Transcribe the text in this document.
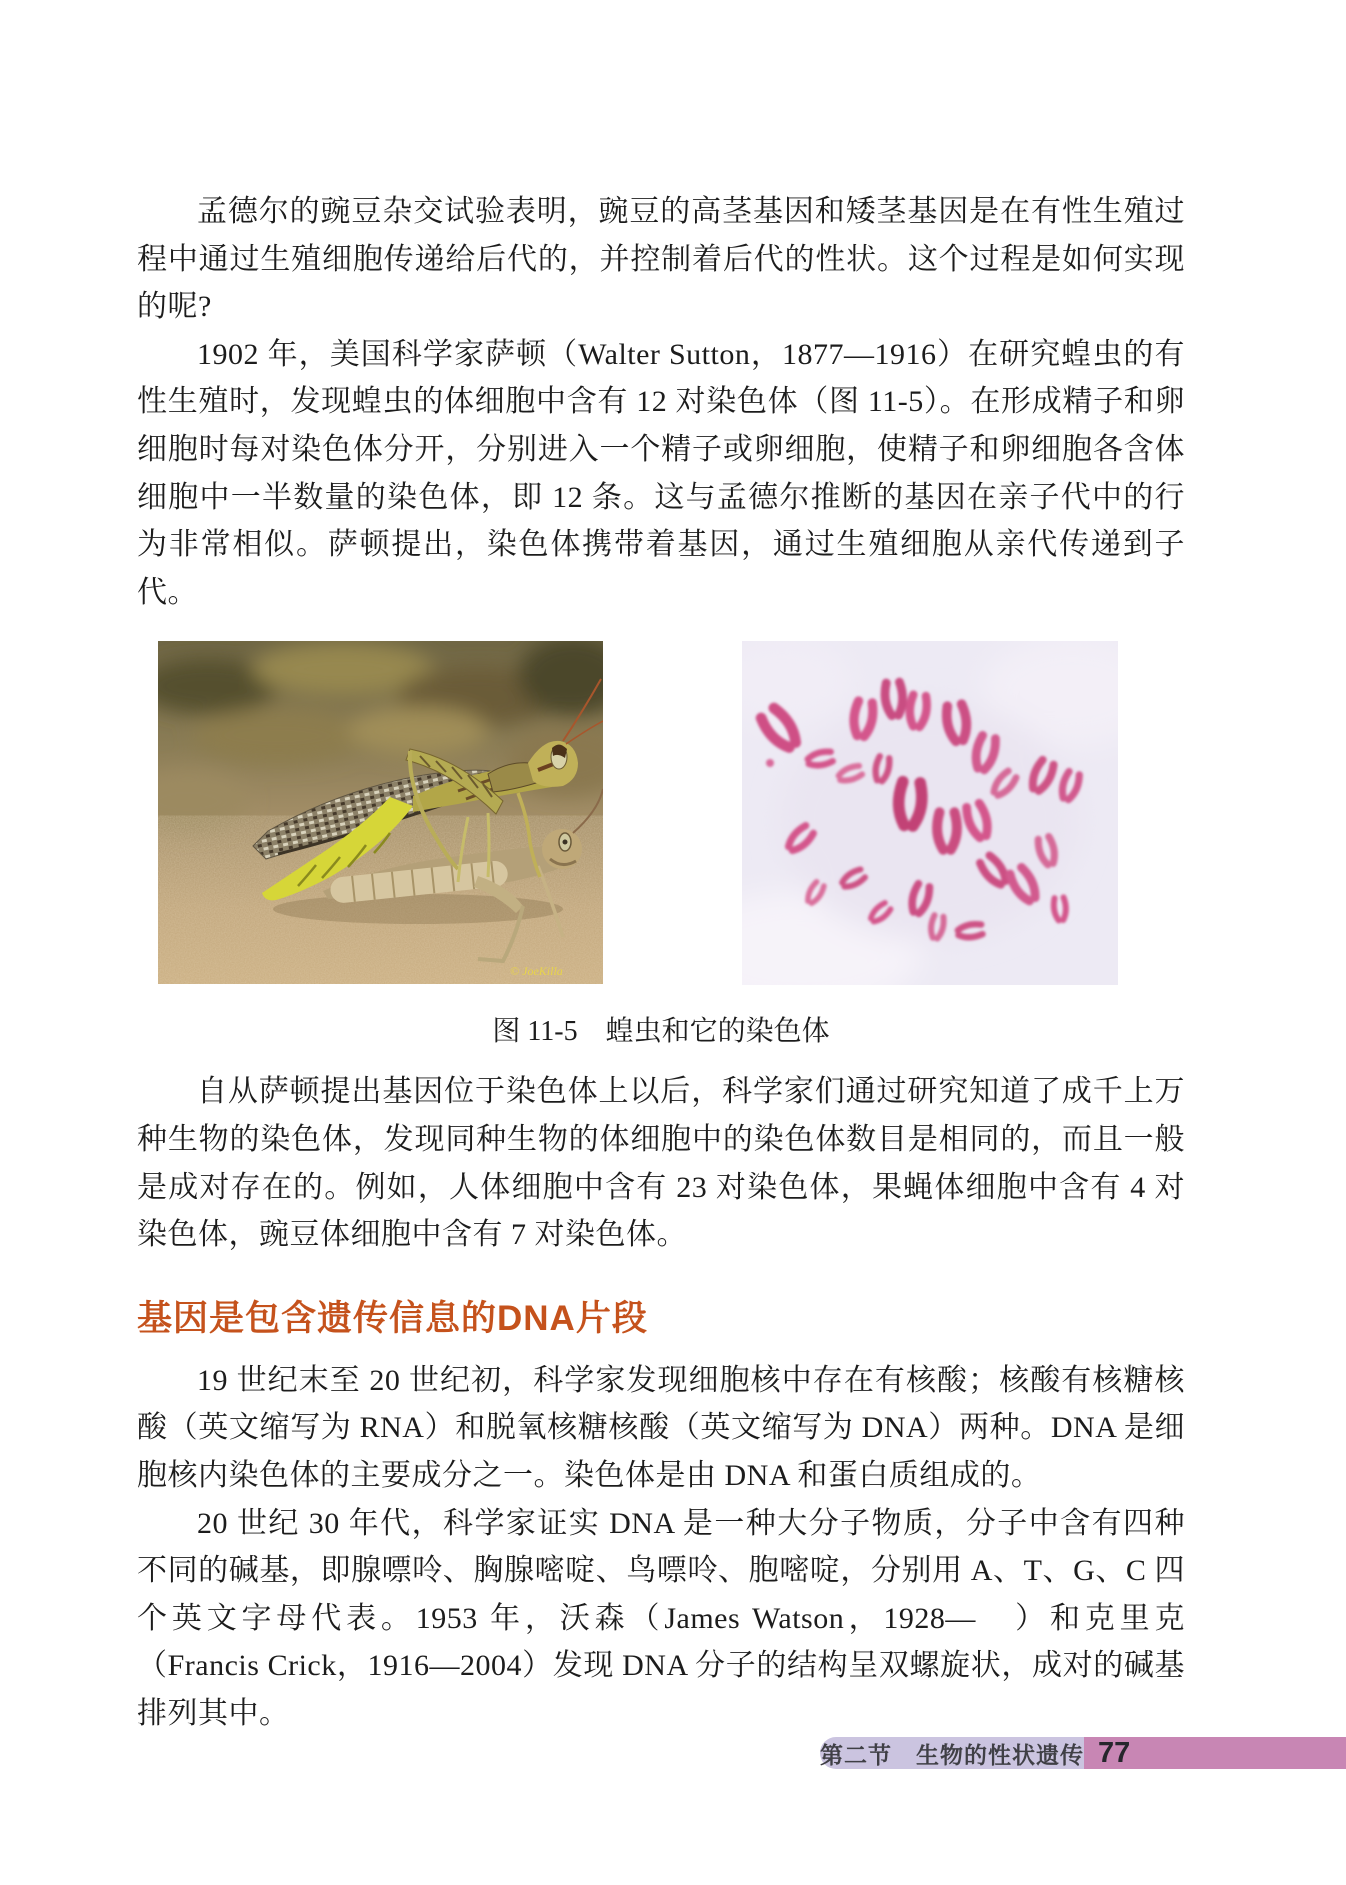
孟德尔的豌豆杂交试验表明，豌豆的高茎基因和矮茎基因是在有性生殖过程中通过生殖细胞传递给后代的，并控制着后代的性状。这个过程是如何实现的呢?

1902 年，美国科学家萨顿（Walter Sutton，1877—1916）在研究蝗虫的有性生殖时，发现蝗虫的体细胞中含有 12 对染色体（图 11-5）。在形成精子和卵细胞时每对染色体分开，分别进入一个精子或卵细胞，使精子和卵细胞各含体细胞中一半数量的染色体，即 12 条。这与孟德尔推断的基因在亲子代中的行为非常相似。萨顿提出，染色体携带着基因，通过生殖细胞从亲代传递到子代。

© JoeKilla
图 11-5　蝗虫和它的染色体

自从萨顿提出基因位于染色体上以后，科学家们通过研究知道了成千上万种生物的染色体，发现同种生物的体细胞中的染色体数目是相同的，而且一般是成对存在的。例如，人体细胞中含有 23 对染色体，果蝇体细胞中含有 4 对染色体，豌豆体细胞中含有 7 对染色体。

基因是包含遗传信息的DNA片段

19 世纪末至 20 世纪初，科学家发现细胞核中存在有核酸；核酸有核糖核酸（英文缩写为 RNA）和脱氧核糖核酸（英文缩写为 DNA）两种。DNA 是细胞核内染色体的主要成分之一。染色体是由 DNA 和蛋白质组成的。

20 世纪 30 年代，科学家证实 DNA 是一种大分子物质，分子中含有四种不同的碱基，即腺嘌呤、胸腺嘧啶、鸟嘌呤、胞嘧啶，分别用 A、T、G、C 四个英文字母代表。1953 年，沃森（James Watson，1928—　）和克里克（Francis Crick，1916—2004）发现 DNA 分子的结构呈双螺旋状，成对的碱基排列其中。

第二节　生物的性状遗传 77
